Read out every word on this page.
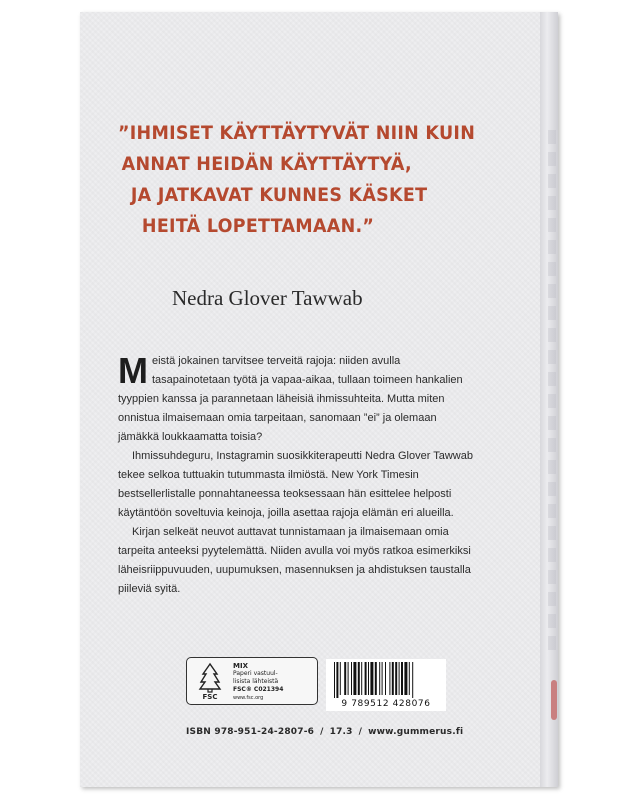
”IHMISET KÄYTTÄYTYVÄT NIIN KUIN
ANNAT HEIDÄN KÄYTTÄYTYÄ,
JA JATKAVAT KUNNES KÄSKET
HEITÄ LOPETTAMAAN.”
Nedra Glover Tawwab

Meistä jokainen tarvitsee terveitä rajoja: niiden avulla tasapainotetaan työtä ja vapaa-aikaa, tullaan toimeen hankalien tyyppien kanssa ja parannetaan läheisiä ihmissuhteita. Mutta miten onnistua ilmaisemaan omia tarpeitaan, sanomaan ”ei” ja olemaan jämäkkä loukkaamatta toisia?

Ihmissuhdeguru, Instagramin suosikkiterapeutti Nedra Glover Tawwab tekee selkoa tuttuakin tutummasta ilmiöstä. New York Timesin bestsellerlistalle ponnahtaneessa teoksessaan hän esittelee helposti käytäntöön soveltuvia keinoja, joilla asettaa rajoja elämän eri alueilla.

Kirjan selkeät neuvot auttavat tunnistamaan ja ilmaisemaan omia tarpeita anteeksi pyytelemättä. Niiden avulla voi myös ratkoa esimerkiksi läheisriippuvuuden, uupumuksen, masennuksen ja ahdistuksen taustalla piileviä syitä.

FSC
MIX
Paperi vastuul-
lisista lähteistä
FSC® C021394
www.fsc.org
9 789512 428076
ISBN 978-951-24-2807-6 / 17.3 / www.gummerus.fi
